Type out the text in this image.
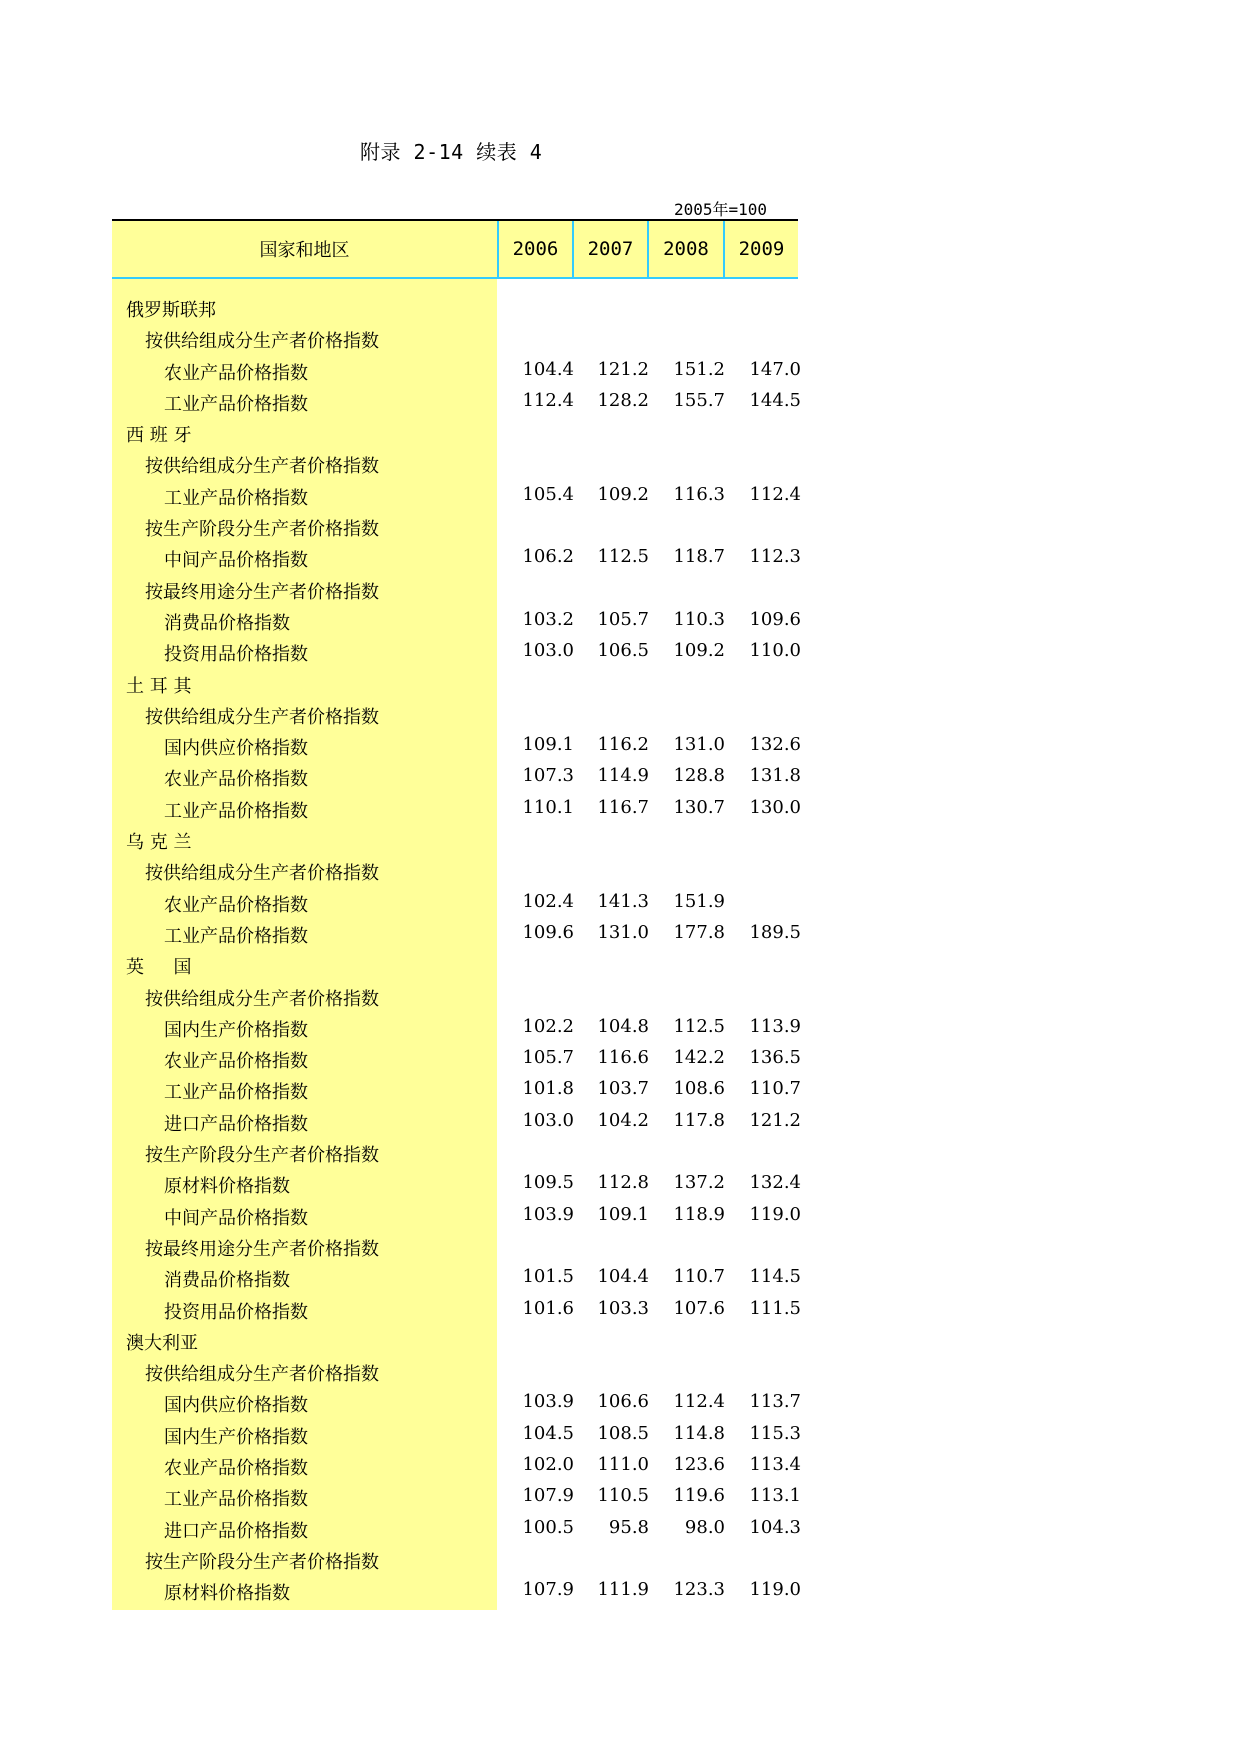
附录 2-14 续表 4
2005年=100
国家和地区	2006	2007	2008	2009
俄罗斯联邦
按供给组成分生产者价格指数
农业产品价格指数	104.4	121.2	151.2	147.0
工业产品价格指数	112.4	128.2	155.7	144.5
西 班 牙
按供给组成分生产者价格指数
工业产品价格指数	105.4	109.2	116.3	112.4
按生产阶段分生产者价格指数
中间产品价格指数	106.2	112.5	118.7	112.3
按最终用途分生产者价格指数
消费品价格指数	103.2	105.7	110.3	109.6
投资用品价格指数	103.0	106.5	109.2	110.0
土 耳 其
按供给组成分生产者价格指数
国内供应价格指数	109.1	116.2	131.0	132.6
农业产品价格指数	107.3	114.9	128.8	131.8
工业产品价格指数	110.1	116.7	130.7	130.0
乌 克 兰
按供给组成分生产者价格指数
农业产品价格指数	102.4	141.3	151.9
工业产品价格指数	109.6	131.0	177.8	189.5
英 　 国
按供给组成分生产者价格指数
国内生产价格指数	102.2	104.8	112.5	113.9
农业产品价格指数	105.7	116.6	142.2	136.5
工业产品价格指数	101.8	103.7	108.6	110.7
进口产品价格指数	103.0	104.2	117.8	121.2
按生产阶段分生产者价格指数
原材料价格指数	109.5	112.8	137.2	132.4
中间产品价格指数	103.9	109.1	118.9	119.0
按最终用途分生产者价格指数
消费品价格指数	101.5	104.4	110.7	114.5
投资用品价格指数	101.6	103.3	107.6	111.5
澳大利亚
按供给组成分生产者价格指数
国内供应价格指数	103.9	106.6	112.4	113.7
国内生产价格指数	104.5	108.5	114.8	115.3
农业产品价格指数	102.0	111.0	123.6	113.4
工业产品价格指数	107.9	110.5	119.6	113.1
进口产品价格指数	100.5	95.8	98.0	104.3
按生产阶段分生产者价格指数
原材料价格指数	107.9	111.9	123.3	119.0
